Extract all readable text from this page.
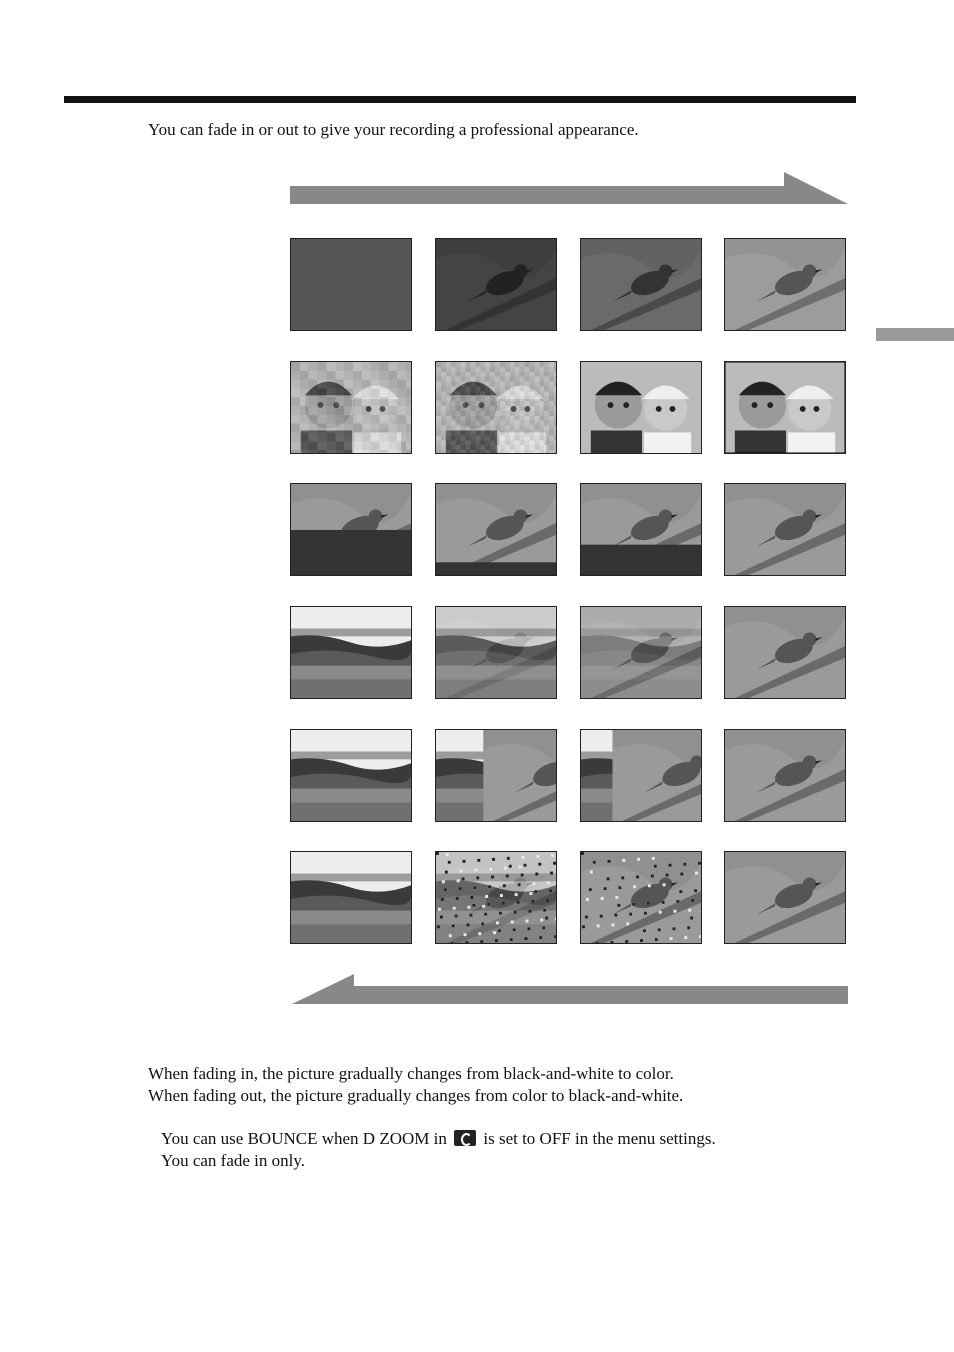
You can fade in or out to give your recording a professional appearance.
When fading in, the picture gradually changes from black-and-white to color.
When fading out, the picture gradually changes from color to black-and-white.
You can use BOUNCE when D ZOOM in is set to OFF in the menu settings.
You can fade in only.
